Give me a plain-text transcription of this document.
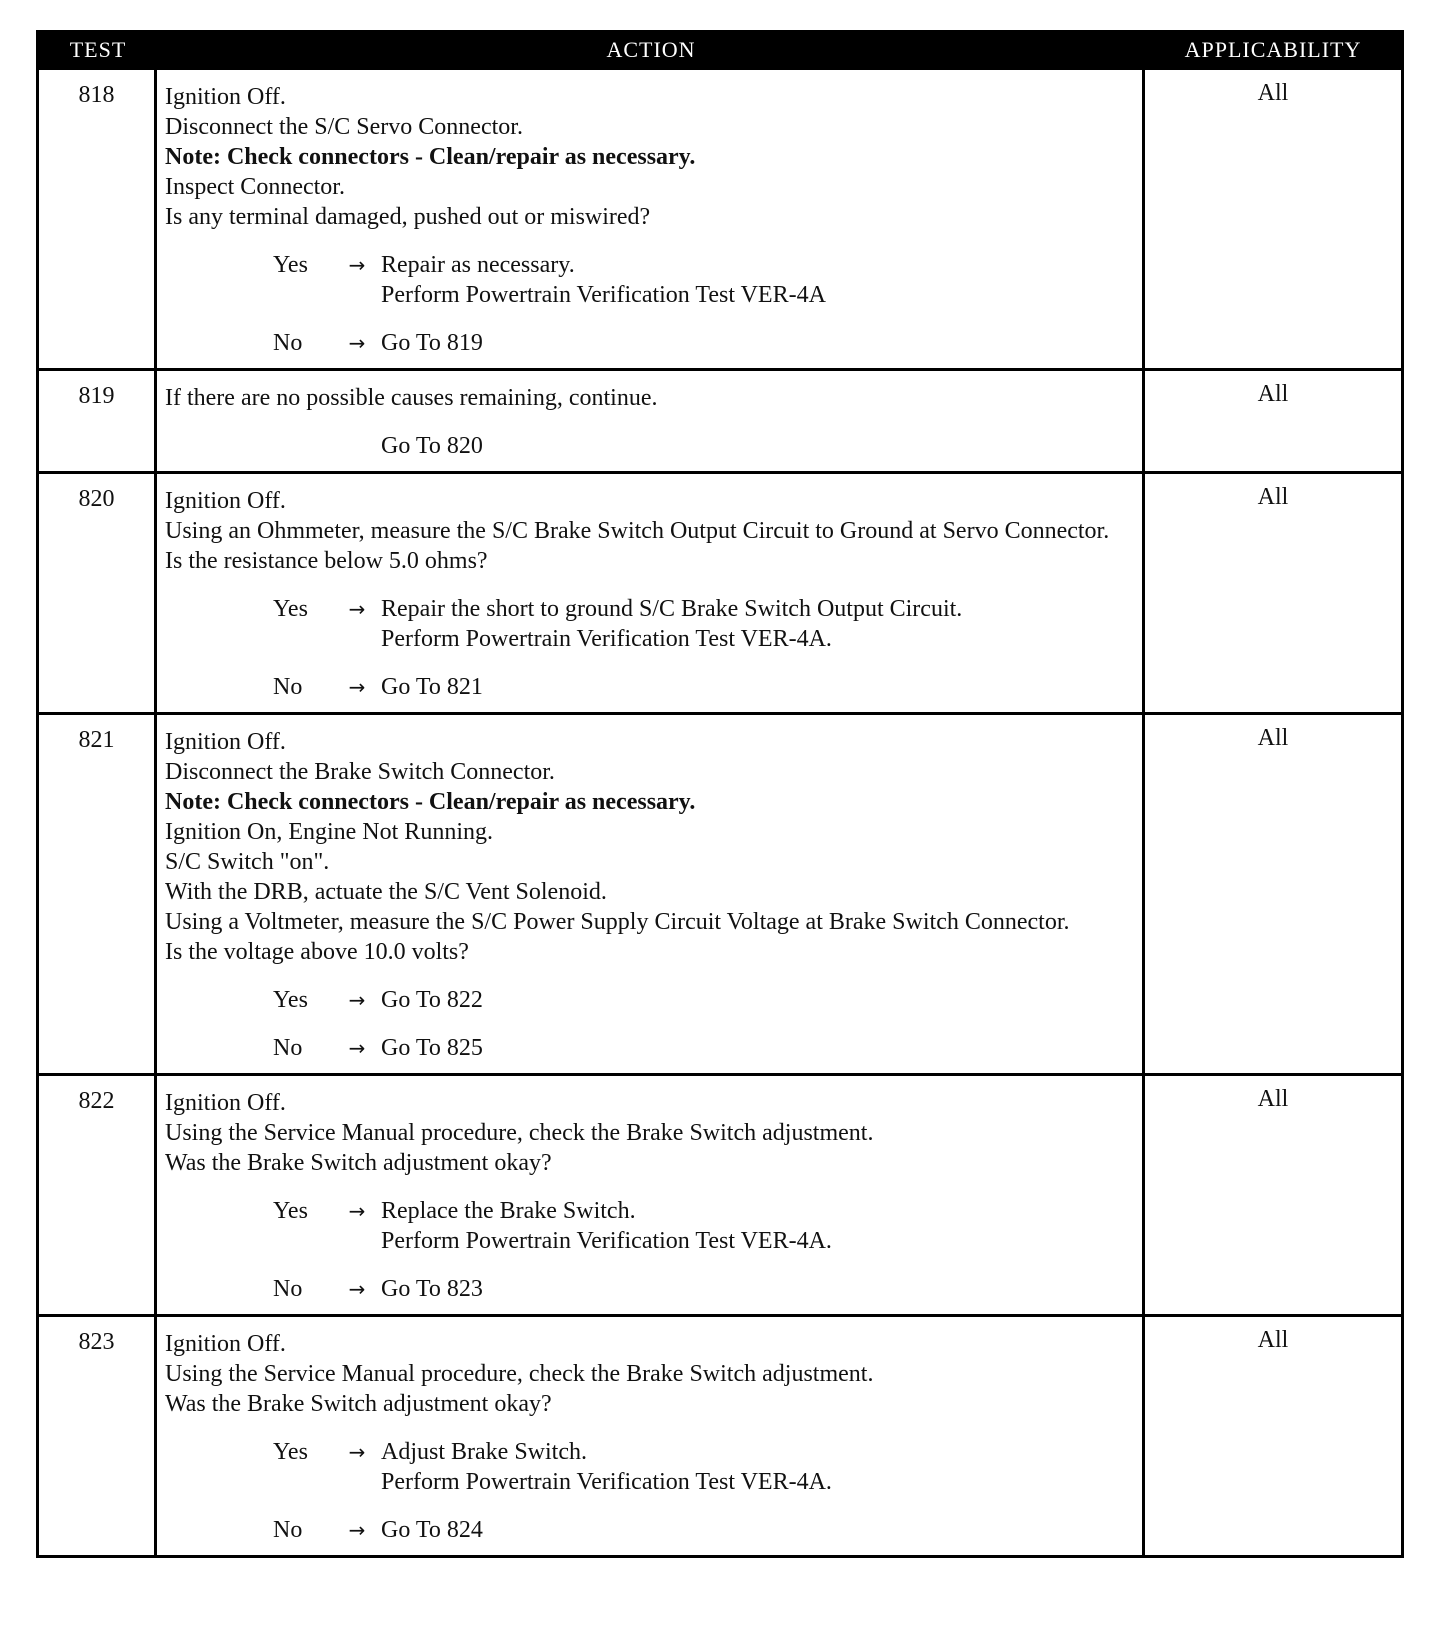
TEST	ACTION	APPLICABILITY
818	Ignition Off.
Disconnect the S/C Servo Connector.
Note: Check connectors - Clean/repair as necessary.
Inspect Connector.
Is any terminal damaged, pushed out or miswired?
Yes	→ Repair as necessary.
Perform Powertrain Verification Test VER-4A
No	→ Go To 819
All
819	If there are no possible causes remaining, continue.
Go To 820
All
820	Ignition Off.
Using an Ohmmeter, measure the S/C Brake Switch Output Circuit to Ground at Servo Connector.
Is the resistance below 5.0 ohms?
Yes	→ Repair the short to ground S/C Brake Switch Output Circuit.
Perform Powertrain Verification Test VER-4A.
No	→ Go To 821
All
821	Ignition Off.
Disconnect the Brake Switch Connector.
Note: Check connectors - Clean/repair as necessary.
Ignition On, Engine Not Running.
S/C Switch "on".
With the DRB, actuate the S/C Vent Solenoid.
Using a Voltmeter, measure the S/C Power Supply Circuit Voltage at Brake Switch Connector.
Is the voltage above 10.0 volts?
Yes	→ Go To 822
No	→ Go To 825
All
822	Ignition Off.
Using the Service Manual procedure, check the Brake Switch adjustment.
Was the Brake Switch adjustment okay?
Yes	→ Replace the Brake Switch.
Perform Powertrain Verification Test VER-4A.
No	→ Go To 823
All
823	Ignition Off.
Using the Service Manual procedure, check the Brake Switch adjustment.
Was the Brake Switch adjustment okay?
Yes	→ Adjust Brake Switch.
Perform Powertrain Verification Test VER-4A.
No	→ Go To 824
All
